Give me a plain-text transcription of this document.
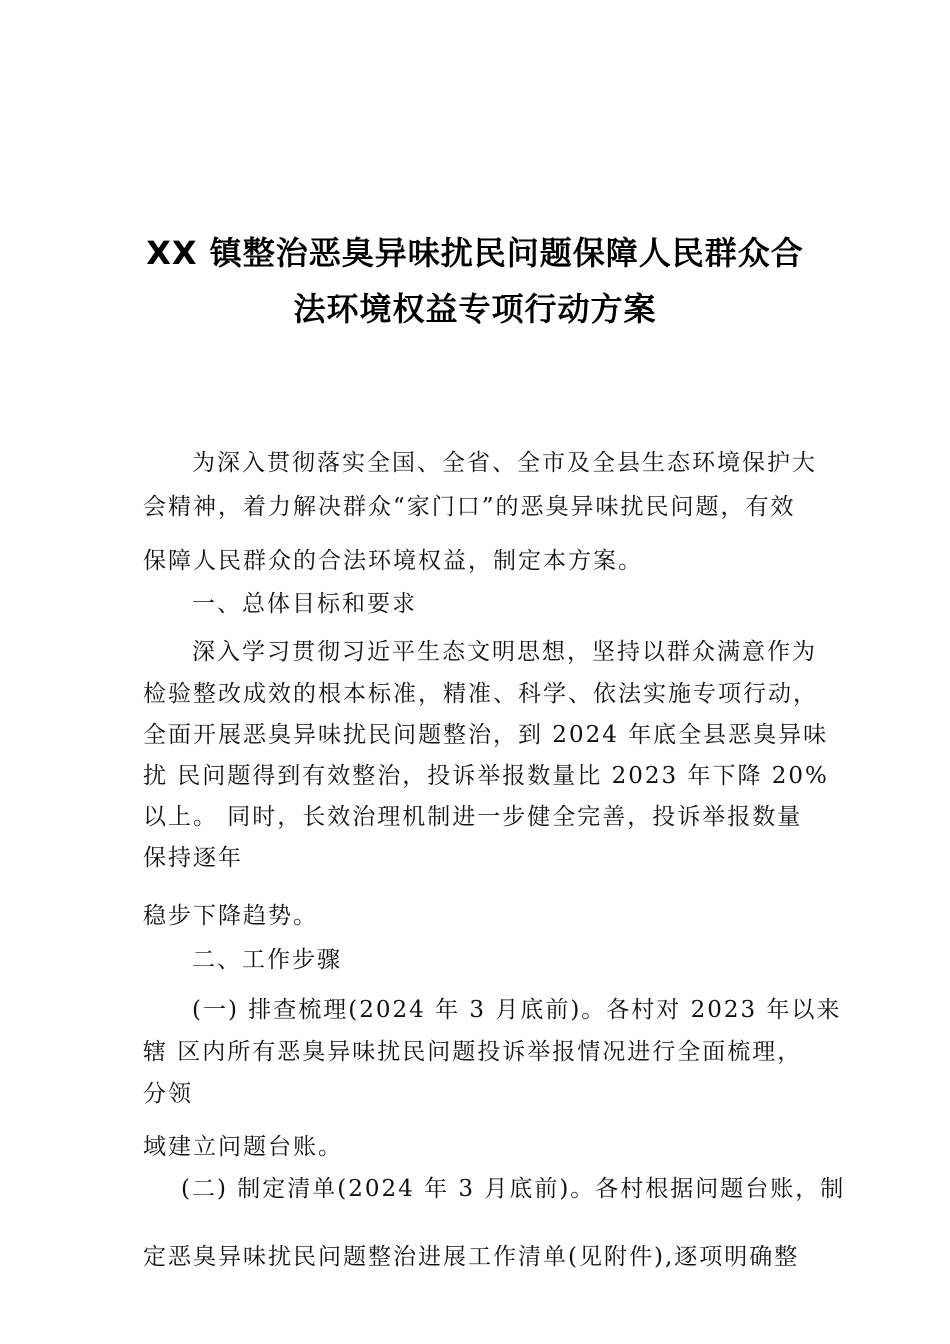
XX 镇整治恶臭异味扰民问题保障人民群众合
法环境权益专项行动方案
为深入贯彻落实全国、全省、全市及全县生态环境保护大
会精神，着力解决群众“家门口”的恶臭异味扰民问题，有效
保障人民群众的合法环境权益，制定本方案。
一、总体目标和要求
深入学习贯彻习近平生态文明思想，坚持以群众满意作为
检验整改成效的根本标准，精准、科学、依法实施专项行动，
全面开展恶臭异味扰民问题整治，到 2024 年底全县恶臭异味
扰 民问题得到有效整治，投诉举报数量比 2023 年下降 20%
以上。 同时，长效治理机制进一步健全完善，投诉举报数量
保持逐年
稳步下降趋势。
二、工作步骤
(一) 排查梳理(2024 年 3 月底前)。各村对 2023 年以来
辖 区内所有恶臭异味扰民问题投诉举报情况进行全面梳理，
分领
域建立问题台账。
(二) 制定清单(2024 年 3 月底前)。各村根据问题台账，制
定恶臭异味扰民问题整治进展工作清单(见附件),逐项明确整
